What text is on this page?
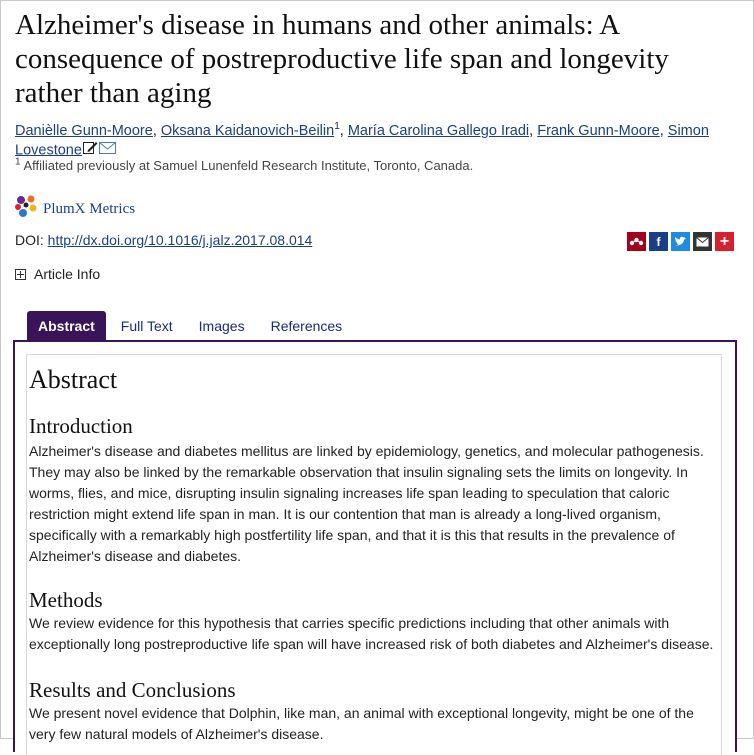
Alzheimer's disease in humans and other animals: A consequence of postreproductive life span and longevity rather than aging
Danièlle Gunn-Moore, Oksana Kaidanovich-Beilin$^1$, María Carolina Gallego Iradi, Frank Gunn-Moore, Simon Lovestone
$^1$ Affiliated previously at Samuel Lunenfeld Research Institute, Toronto, Canada.
PlumX Metrics
DOI: http://dx.doi.org/10.1016/j.jalz.2017.08.014	f	+
Article Info
Abstract	Full Text	Images	References
Abstract
Introduction

Alzheimer's disease and diabetes mellitus are linked by epidemiology, genetics, and molecular pathogenesis. They may also be linked by the remarkable observation that insulin signaling sets the limits on longevity. In worms, flies, and mice, disrupting insulin signaling increases life span leading to speculation that caloric restriction might extend life span in man. It is our contention that man is already a long-lived organism, specifically with a remarkably high postfertility life span, and that it is this that results in the prevalence of Alzheimer's disease and diabetes.

Methods

We review evidence for this hypothesis that carries specific predictions including that other animals with exceptionally long postreproductive life span will have increased risk of both diabetes and Alzheimer's disease.

Results and Conclusions

We present novel evidence that Dolphin, like man, an animal with exceptional longevity, might be one of the very few natural models of Alzheimer's disease.
